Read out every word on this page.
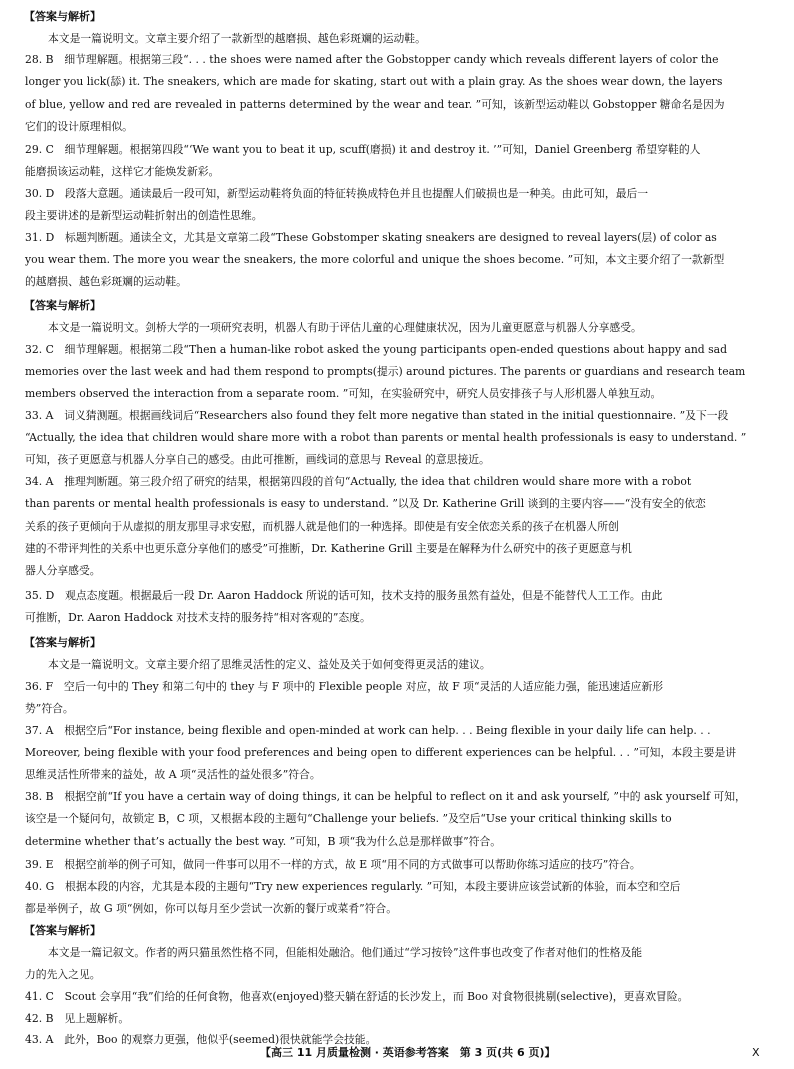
【答案与解析】
本文是一篇说明文。文章主要介绍了一款新型的越磨损、越色彩斑斓的运动鞋。
28. B　细节理解题。根据第三段“. . . the shoes were named after the Gobstopper candy which reveals different layers of color the
longer you lick(舔) it. The sneakers, which are made for skating, start out with a plain gray. As the shoes wear down, the layers
of blue, yellow and red are revealed in patterns determined by the wear and tear. ”可知，该新型运动鞋以 Gobstopper 糖命名是因为
它们的设计原理相似。
29. C　细节理解题。根据第四段“‘We want you to beat it up, scuff(磨损) it and destroy it. ’”可知，Daniel Greenberg 希望穿鞋的人
能磨损该运动鞋，这样它才能焕发新彩。
30. D　段落大意题。通读最后一段可知，新型运动鞋将负面的特征转换成特色并且也提醒人们破损也是一种美。由此可知，最后一
段主要讲述的是新型运动鞋折射出的创造性思维。
31. D　标题判断题。通读全文，尤其是文章第二段“These Gobstomper skating sneakers are designed to reveal layers(层) of color as
you wear them. The more you wear the sneakers, the more colorful and unique the shoes become. ”可知，本文主要介绍了一款新型
的越磨损、越色彩斑斓的运动鞋。
【答案与解析】
本文是一篇说明文。剑桥大学的一项研究表明，机器人有助于评估儿童的心理健康状况，因为儿童更愿意与机器人分享感受。
32. C　细节理解题。根据第二段“Then a human-like robot asked the young participants open-ended questions about happy and sad
memories over the last week and had them respond to prompts(提示) around pictures. The parents or guardians and research team
members observed the interaction from a separate room. ”可知，在实验研究中，研究人员安排孩子与人形机器人单独互动。
33. A　词义猜测题。根据画线词后“Researchers also found they felt more negative than stated in the initial questionnaire. ”及下一段
“Actually, the idea that children would share more with a robot than parents or mental health professionals is easy to understand. ”
可知，孩子更愿意与机器人分享自己的感受。由此可推断，画线词的意思与 Reveal 的意思接近。
34. A　推理判断题。第三段介绍了研究的结果，根据第四段的首句“Actually, the idea that children would share more with a robot
than parents or mental health professionals is easy to understand. ”以及 Dr. Katherine Grill 谈到的主要内容——“没有安全的依恋
关系的孩子更倾向于从虚拟的朋友那里寻求安慰，而机器人就是他们的一种选择。即使是有安全依恋关系的孩子在机器人所创
建的不带评判性的关系中也更乐意分享他们的感受”可推断，Dr. Katherine Grill 主要是在解释为什么研究中的孩子更愿意与机
器人分享感受。
35. D　观点态度题。根据最后一段 Dr. Aaron Haddock 所说的话可知，技术支持的服务虽然有益处，但是不能替代人工工作。由此
可推断，Dr. Aaron Haddock 对技术支持的服务持“相对客观的”态度。
【答案与解析】
本文是一篇说明文。文章主要介绍了思维灵活性的定义、益处及关于如何变得更灵活的建议。
36. F　空后一句中的 They 和第二句中的 they 与 F 项中的 Flexible people 对应，故 F 项“灵活的人适应能力强，能迅速适应新形
势”符合。
37. A　根据空后“For instance, being flexible and open-minded at work can help. . . Being flexible in your daily life can help. . .
Moreover, being flexible with your food preferences and being open to different experiences can be helpful. . . ”可知，本段主要是讲
思维灵活性所带来的益处，故 A 项“灵活性的益处很多”符合。
38. B　根据空前“If you have a certain way of doing things, it can be helpful to reflect on it and ask yourself, ”中的 ask yourself 可知，
该空是一个疑问句，故锁定 B，C 项，又根据本段的主题句“Challenge your beliefs. ”及空后“Use your critical thinking skills to
determine whether that’s actually the best way. ”可知，B 项“我为什么总是那样做事”符合。
39. E　根据空前举的例子可知，做同一件事可以用不一样的方式，故 E 项“用不同的方式做事可以帮助你练习适应的技巧”符合。
40. G　根据本段的内容，尤其是本段的主题句“Try new experiences regularly. ”可知，本段主要讲应该尝试新的体验，而本空和空后
都是举例子，故 G 项“例如，你可以每月至少尝试一次新的餐厅或菜肴”符合。
【答案与解析】
本文是一篇记叙文。作者的两只猫虽然性格不同，但能相处融洽。他们通过“学习按铃”这件事也改变了作者对他们的性格及能
力的先入之见。
41. C　Scout 会享用“我”们给的任何食物，他喜欢(enjoyed)整天躺在舒适的长沙发上，而 Boo 对食物很挑剔(selective)，更喜欢冒险。
42. B　见上题解析。
43. A　此外，Boo 的观察力更强，他似乎(seemed)很快就能学会技能。
【高三 11 月质量检测 · 英语参考答案　第 3 页(共 6 页)】	X
